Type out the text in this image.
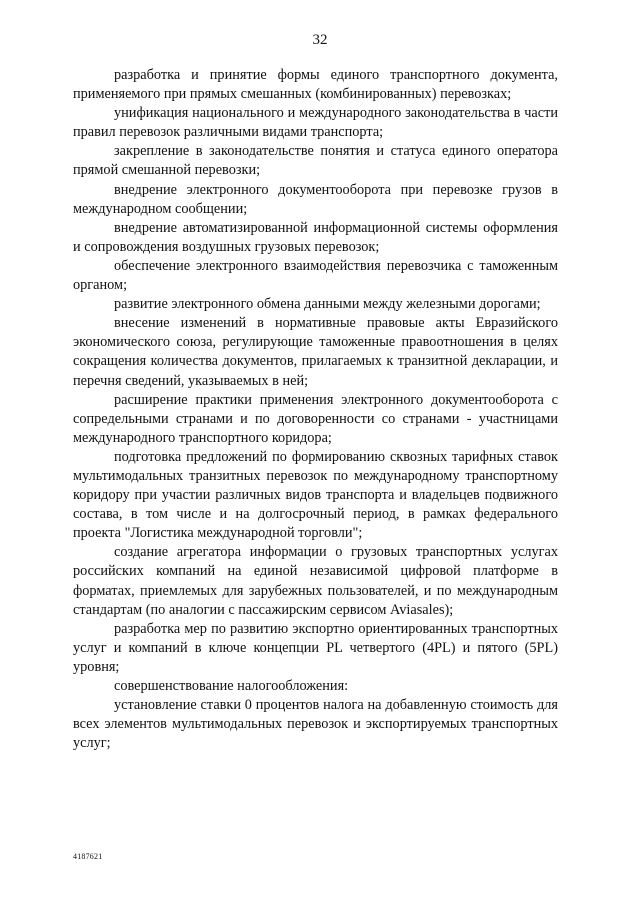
32

разработка и принятие формы единого транспортного документа, применяемого при прямых смешанных (комбинированных) перевозках;

унификация национального и международного законодательства в части правил перевозок различными видами транспорта;

закрепление в законодательстве понятия и статуса единого оператора прямой смешанной перевозки;

внедрение электронного документооборота при перевозке грузов в международном сообщении;

внедрение автоматизированной информационной системы оформления и сопровождения воздушных грузовых перевозок;

обеспечение электронного взаимодействия перевозчика с таможенным органом;

развитие электронного обмена данными между железными дорогами;

внесение изменений в нормативные правовые акты Евразийского экономического союза, регулирующие таможенные правоотношения в целях сокращения количества документов, прилагаемых к транзитной декларации, и перечня сведений, указываемых в ней;

расширение практики применения электронного документооборота с сопредельными странами и по договоренности со странами - участницами международного транспортного коридора;

подготовка предложений по формированию сквозных тарифных ставок мультимодальных транзитных перевозок по международному транспортному коридору при участии различных видов транспорта и владельцев подвижного состава, в том числе и на долгосрочный период, в рамках федерального проекта "Логистика международной торговли";

создание агрегатора информации о грузовых транспортных услугах российских компаний на единой независимой цифровой платформе в форматах, приемлемых для зарубежных пользователей, и по международным стандартам (по аналогии с пассажирским сервисом Aviasales);

разработка мер по развитию экспортно ориентированных транспортных услуг и компаний в ключе концепции PL четвертого (4PL) и пятого (5PL) уровня;

совершенствование налогообложения:

установление ставки 0 процентов налога на добавленную стоимость для всех элементов мультимодальных перевозок и экспортируемых транспортных услуг;

4187621
